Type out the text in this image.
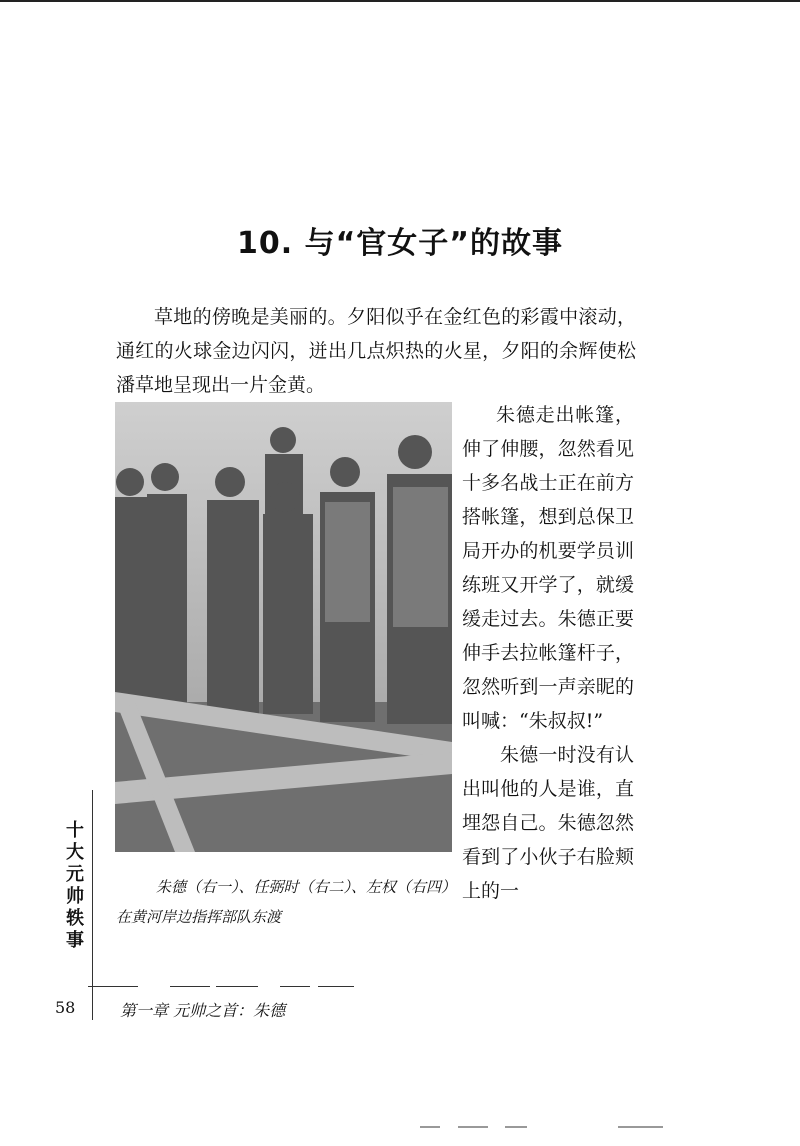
10. 与“官女子”的故事

草地的傍晚是美丽的。夕阳似乎在金红色的彩霞中滚动，通红的火球金边闪闪，迸出几点炽热的火星，夕阳的余辉使松潘草地呈现出一片金黄。

朱德（右一）、任弼时（右二）、左权（右四）在黄河岸边指挥部队东渡

朱德走出帐篷，伸了伸腰，忽然看见十多名战士正在前方搭帐篷，想到总保卫局开办的机要学员训练班又开学了，就缓缓走过去。朱德正要伸手去拉帐篷杆子，忽然听到一声亲昵的叫喊：“朱叔叔!”

朱德一时没有认出叫他的人是谁，直埋怨自己。朱德忽然看到了小伙子右脸颊上的一

十大元帅轶事
58	第一章 元帅之首：朱德
